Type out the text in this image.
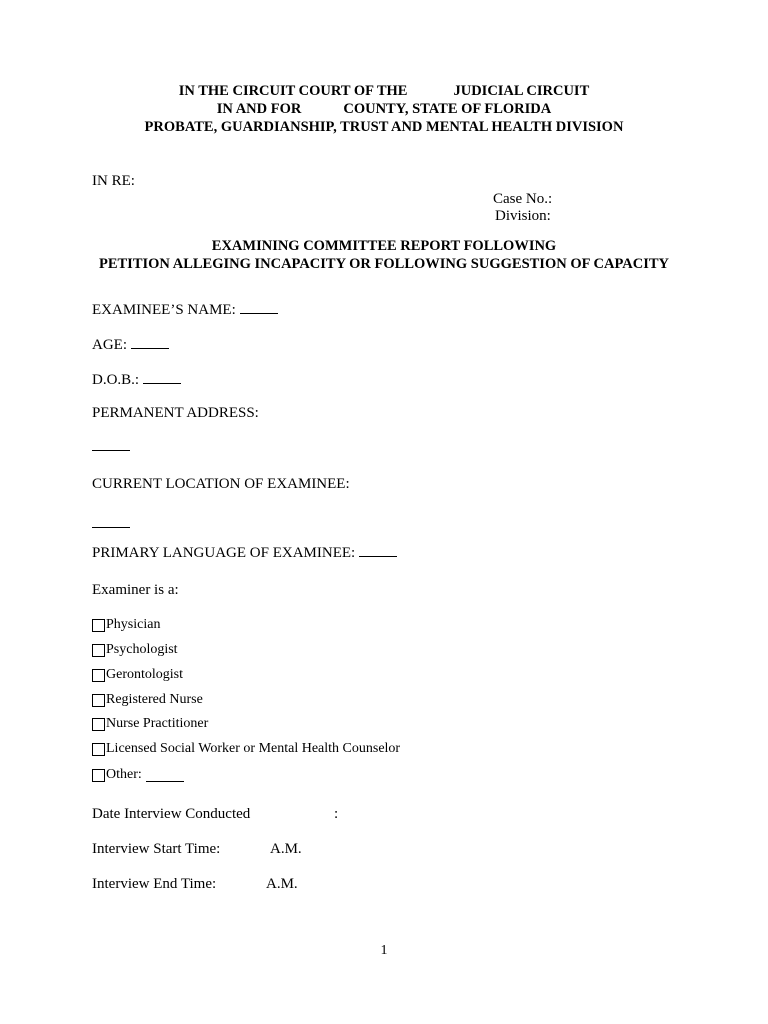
IN THE CIRCUIT COURT OF THE	JUDICIAL CIRCUIT
IN AND FOR	COUNTY, STATE OF FLORIDA
PROBATE, GUARDIANSHIP, TRUST AND MENTAL HEALTH DIVISION
IN RE:
Case No.:
Division:
EXAMINING COMMITTEE REPORT FOLLOWING
PETITION ALLEGING INCAPACITY OR FOLLOWING SUGGESTION OF CAPACITY
EXAMINEE’S NAME:
AGE:
D.O.B.:
PERMANENT ADDRESS:
CURRENT LOCATION OF EXAMINEE:
PRIMARY LANGUAGE OF EXAMINEE:
Examiner is a:
Physician
Psychologist
Gerontologist
Registered Nurse
Nurse Practitioner
Licensed Social Worker or Mental Health Counselor
Other:
Date Interview Conducted	:
Interview Start Time:	A.M.
Interview End Time:	A.M.
1
